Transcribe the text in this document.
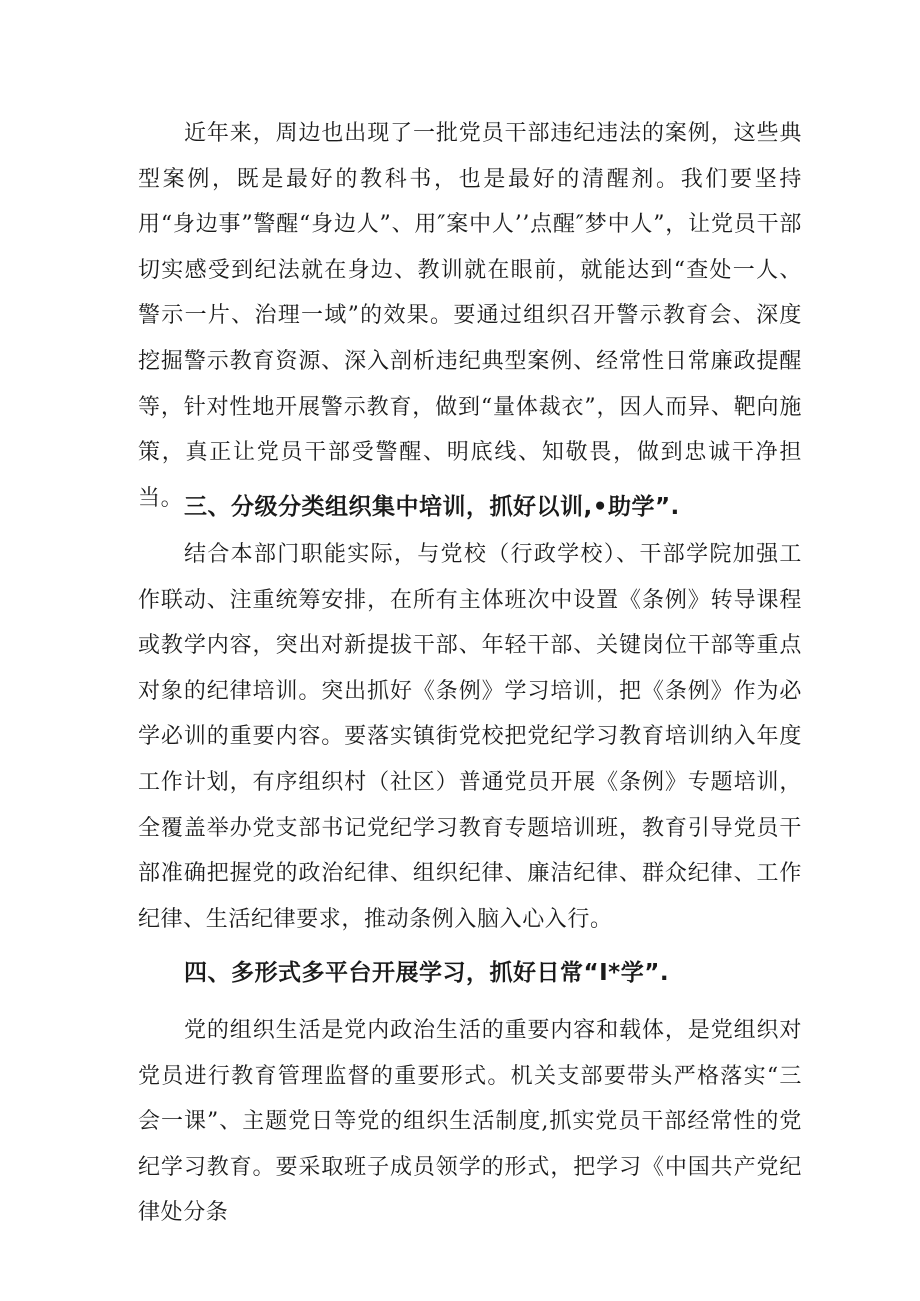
近年来，周边也出现了一批党员干部违纪违法的案例，这些典型案例，既是最好的教科书，也是最好的清醒剂。我们要坚持用“身边事”警醒“身边人”、用″案中人’’点醒″梦中人”，让党员干部切实感受到纪法就在身边、教训就在眼前，就能达到“查处一人、警示一片、治理一域”的效果。要通过组织召开警示教育会、深度挖掘警示教育资源、深入剖析违纪典型案例、经常性日常廉政提醒等，针对性地开展警示教育，做到“量体裁衣”，因人而异、靶向施策，真正让党员干部受警醒、明底线、知敬畏，做到忠诚干净担当。 三、分级分类组织集中培训，抓好以训,•助学”.

结合本部门职能实际，与党校（行政学校）、干部学院加强工作联动、注重统筹安排，在所有主体班次中设置《条例》转导课程或教学内容，突出对新提拔干部、年轻干部、关键岗位干部等重点对象的纪律培训。突出抓好《条例》学习培训，把《条例》作为必学必训的重要内容。要落实镇街党校把党纪学习教育培训纳入年度工作计划，有序组织村（社区）普通党员开展《条例》专题培训，全覆盖举办党支部书记党纪学习教育专题培训班，教育引导党员干部准确把握党的政治纪律、组织纪律、廉洁纪律、群众纪律、工作纪律、生活纪律要求，推动条例入脑入心入行。

四、多形式多平台开展学习，抓好日常“I*学”.

党的组织生活是党内政治生活的重要内容和载体，是党组织对党员进行教育管理监督的重要形式。机关支部要带头严格落实“三会一课”、主题党日等党的组织生活制度,抓实党员干部经常性的党纪学习教育。要采取班子成员领学的形式，把学习《中国共产党纪律处分条
